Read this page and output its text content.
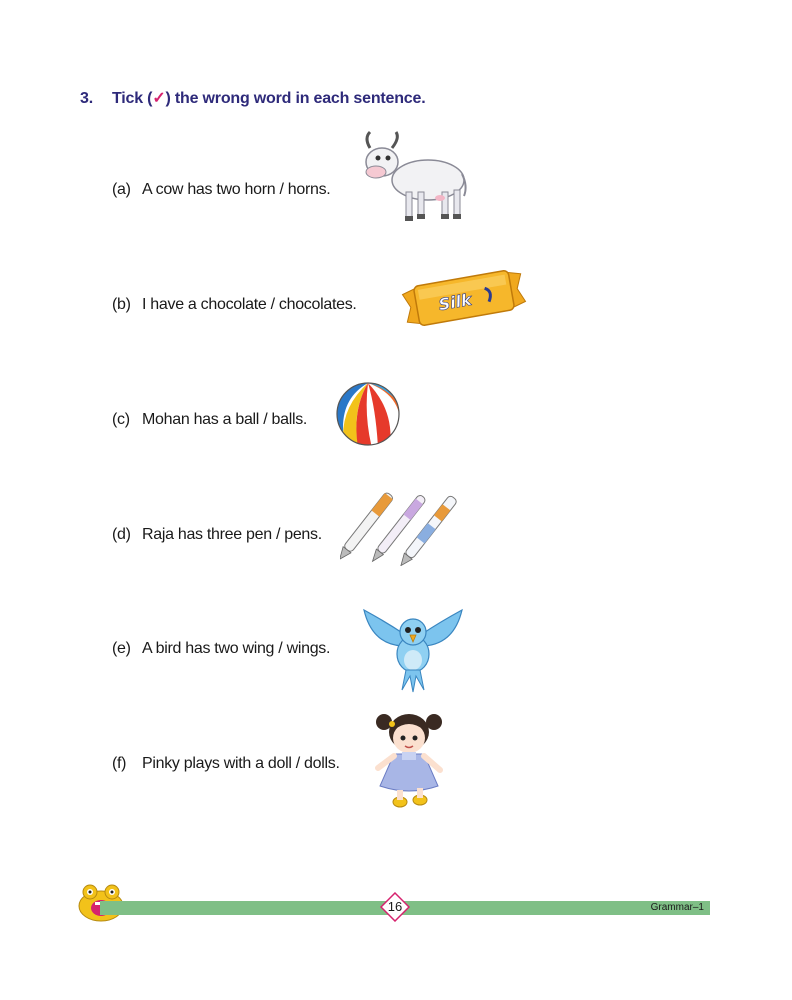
3. Tick (✓) the wrong word in each sentence.
(a) A cow has two horn / horns.
(b) I have a chocolate / chocolates.	Silk
(c) Mohan has a ball / balls.
(d) Raja has three pen / pens.
(e) A bird has two wing / wings.
(f) Pinky plays with a doll / dolls.
16	Grammar–1
